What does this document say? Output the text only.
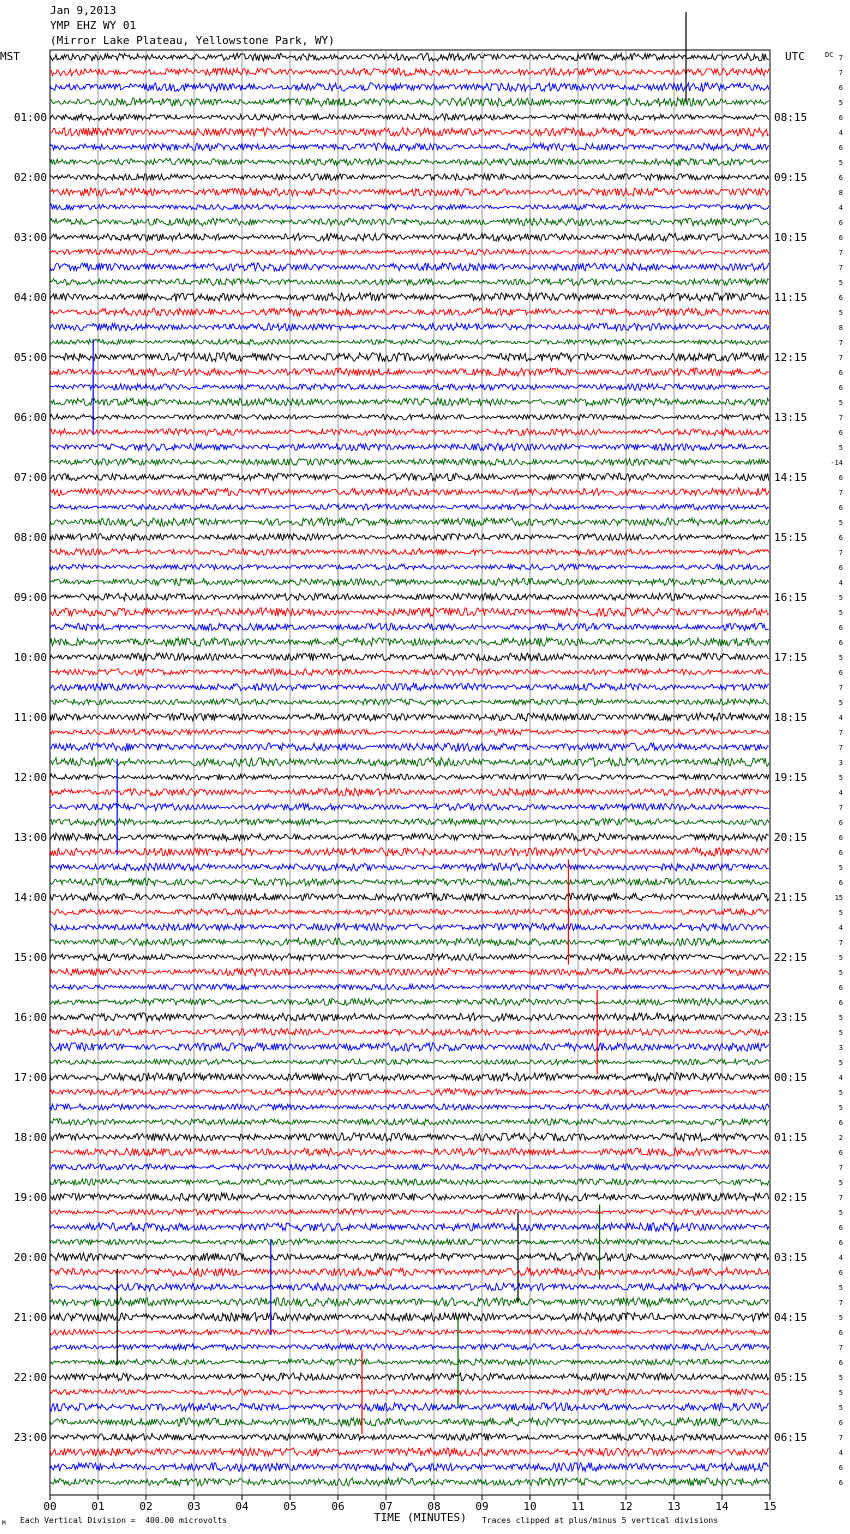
Jan 9,2013
YMP EHZ WY 01
(Mirror Lake Plateau, Yellowstone Park, WY)
MST	UTC	DC
Each Vertical Division =  400.00 microvolts	TIME (MINUTES) Traces clipped at plus/minus 5 vertical divisions
M
01:00	08:15
02:00	09:15
03:00	10:15
04:00	11:15
05:00	12:15
06:00	13:15
07:00	14:15
08:00	15:15
09:00	16:15
10:00	17:15
11:00	18:15
12:00	19:15
13:00	20:15
14:00	21:15
15:00	22:15
16:00	23:15
17:00	00:15
18:00	01:15
19:00	02:15
20:00	03:15
21:00	04:15
22:00	05:15
23:00	06:15
7
7
6
5
6
4
6
5
6
8
4
6
6
7
7
5
6
5
8
7
7
6
6
5
7
6
5
-14
6
7
6
5
6
7
6
4
5
5
6
6
5
6
7
5
4
7
7
3
5
4
7
6
6
6
5
6
15
5
4
7
5
5
6
6
5
5
3
5
4
5
5
6
2
6
7
5
7
5
6
6
4
6
5
7
5
6
7
6
5
5
5
6
7
4
6
6
00	01	02	03	04	05	06	07	08	09	10	11	12	13	14	15
